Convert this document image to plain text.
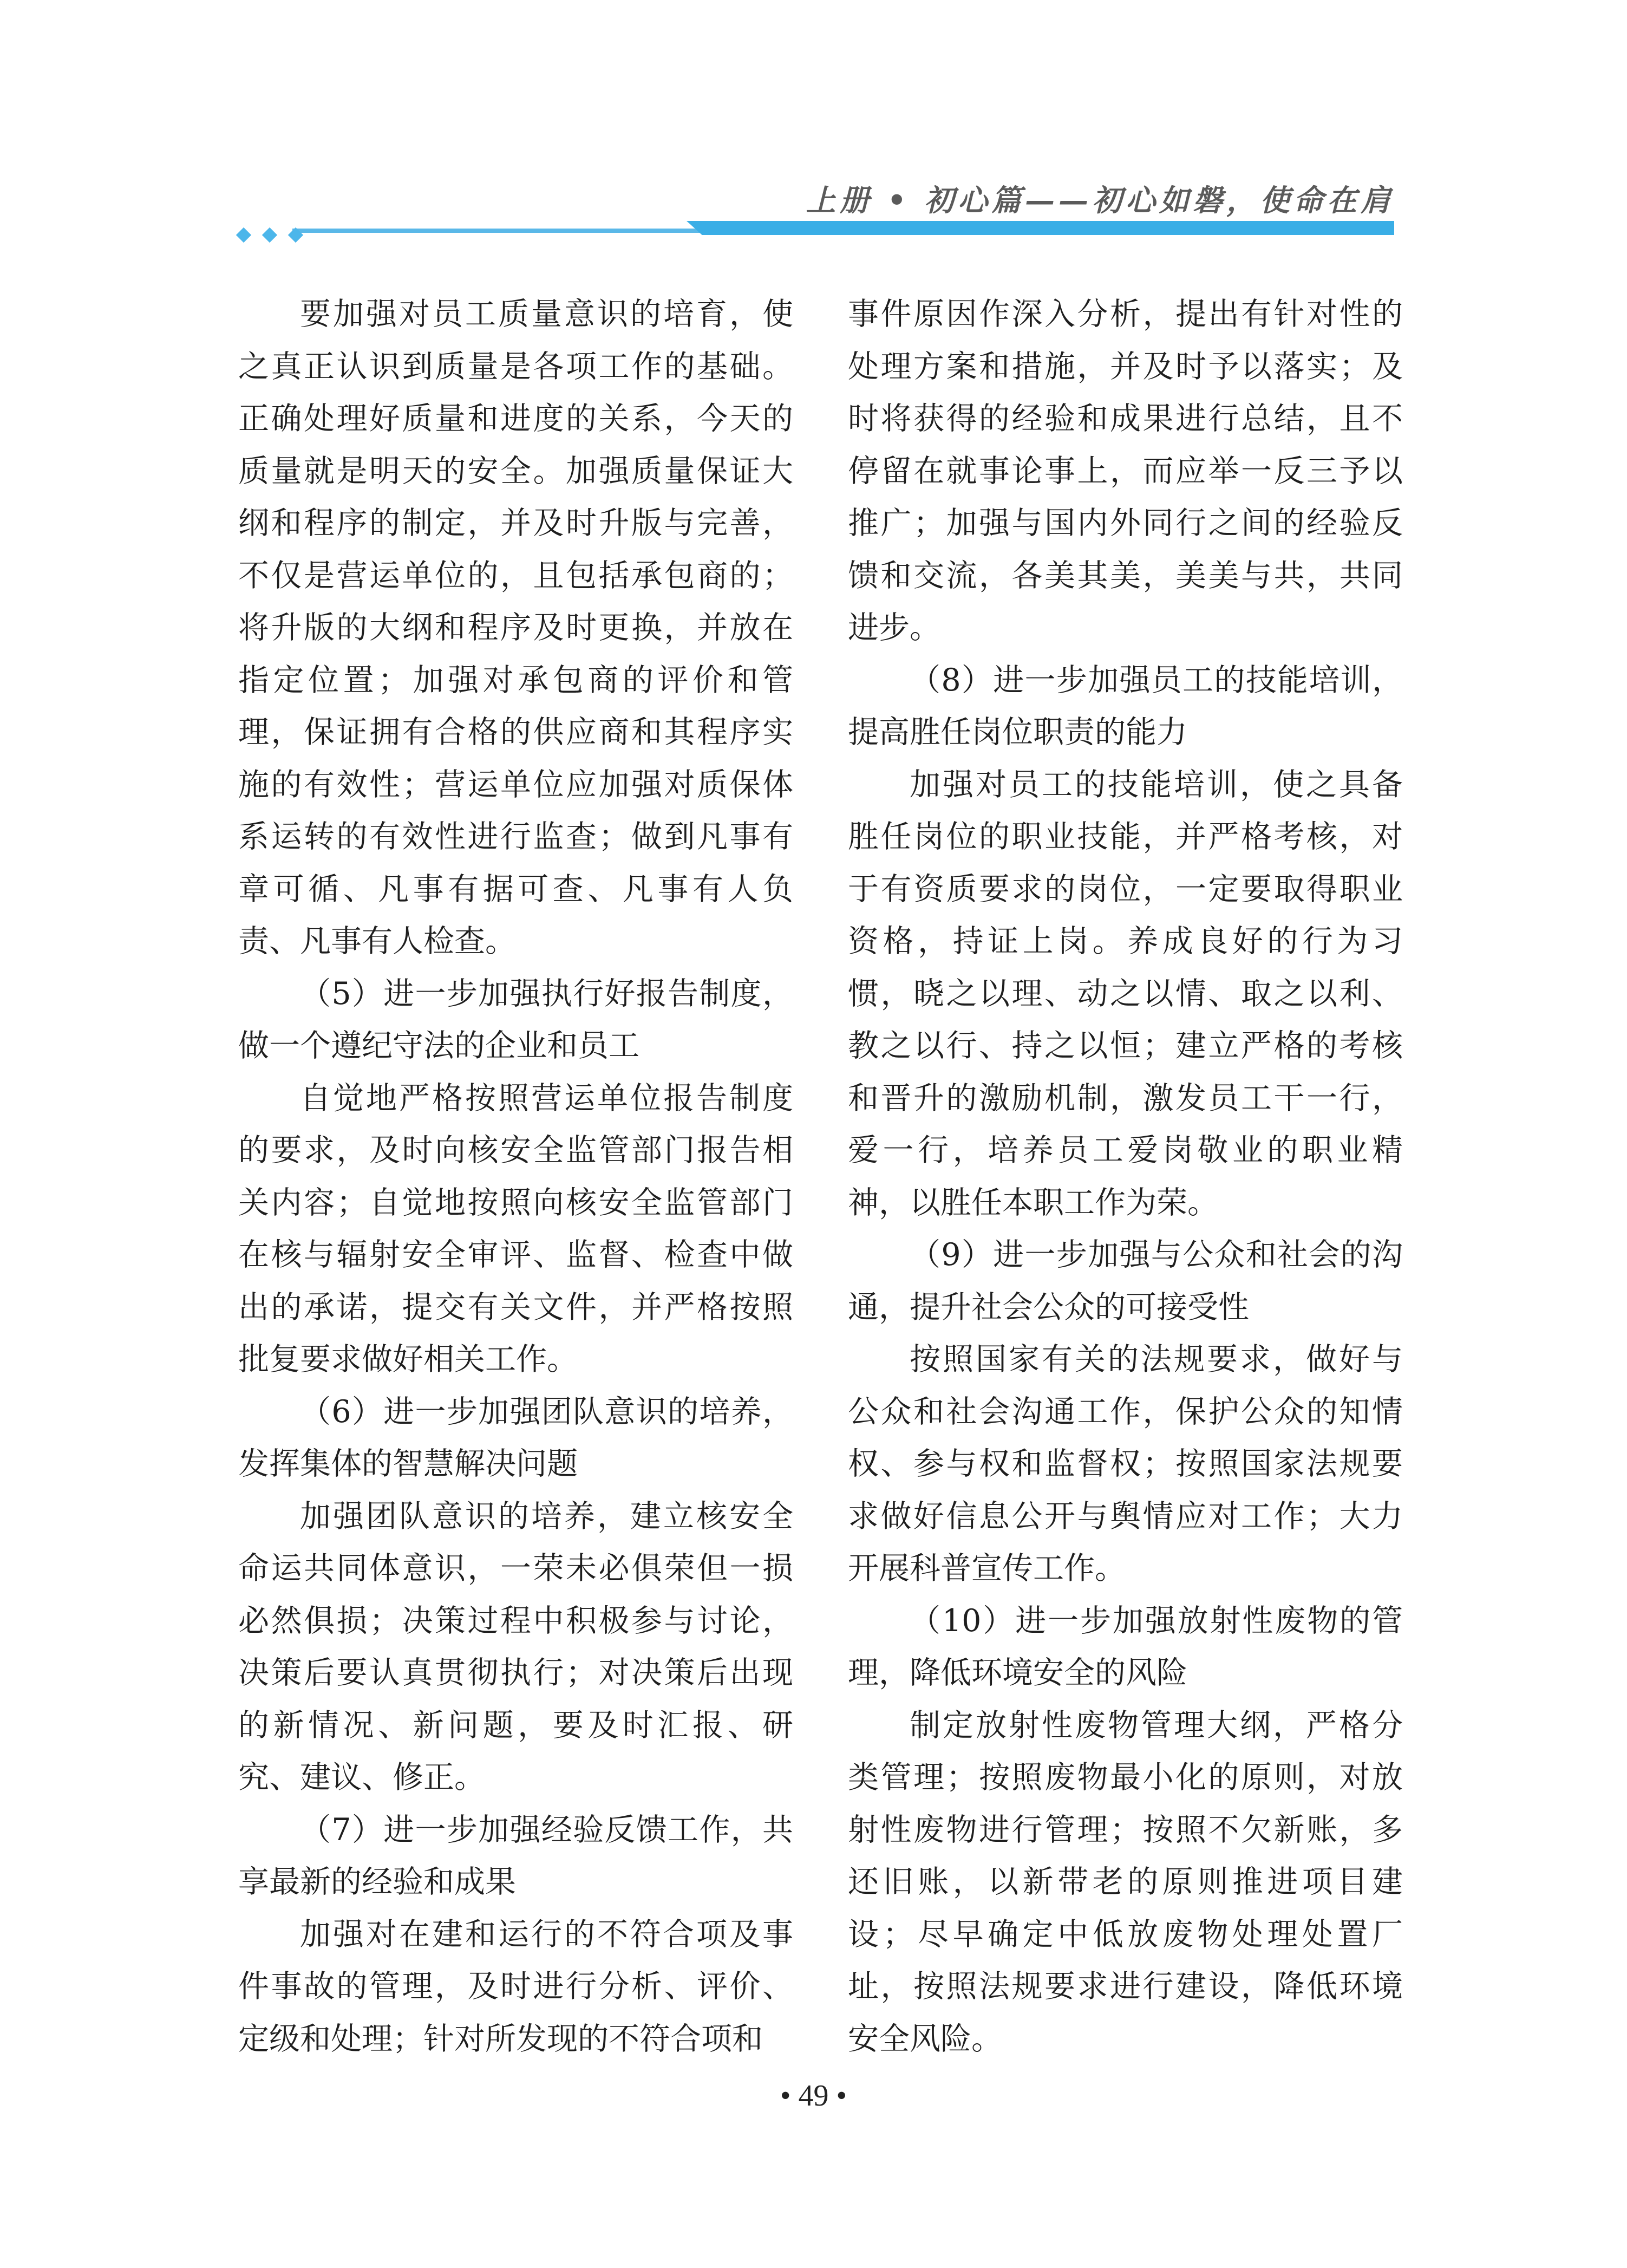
上册 • 初心篇——初心如磐，使命在肩

要加强对员工质量意识的培育，使之真正认识到质量是各项工作的基础。正确处理好质量和进度的关系，今天的质量就是明天的安全。加强质量保证大纲和程序的制定，并及时升版与完善，不仅是营运单位的，且包括承包商的；将升版的大纲和程序及时更换，并放在指定位置；加强对承包商的评价和管理，保证拥有合格的供应商和其程序实施的有效性；营运单位应加强对质保体系运转的有效性进行监查；做到凡事有章可循、凡事有据可查、凡事有人负责、凡事有人检查。

（5）进一步加强执行好报告制度，做一个遵纪守法的企业和员工

自觉地严格按照营运单位报告制度的要求，及时向核安全监管部门报告相关内容；自觉地按照向核安全监管部门在核与辐射安全审评、监督、检查中做出的承诺，提交有关文件，并严格按照批复要求做好相关工作。

（6）进一步加强团队意识的培养，发挥集体的智慧解决问题

加强团队意识的培养，建立核安全命运共同体意识，一荣未必俱荣但一损必然俱损；决策过程中积极参与讨论，决策后要认真贯彻执行；对决策后出现的新情况、新问题，要及时汇报、研究、建议、修正。

（7）进一步加强经验反馈工作，共享最新的经验和成果

加强对在建和运行的不符合项及事件事故的管理，及时进行分析、评价、定级和处理；针对所发现的不符合项和

事件原因作深入分析，提出有针对性的处理方案和措施，并及时予以落实；及时将获得的经验和成果进行总结，且不停留在就事论事上，而应举一反三予以推广；加强与国内外同行之间的经验反馈和交流，各美其美，美美与共，共同进步。

（8）进一步加强员工的技能培训，提高胜任岗位职责的能力

加强对员工的技能培训，使之具备胜任岗位的职业技能，并严格考核，对于有资质要求的岗位，一定要取得职业资格，持证上岗。养成良好的行为习惯，晓之以理、动之以情、取之以利、教之以行、持之以恒；建立严格的考核和晋升的激励机制，激发员工干一行，爱一行，培养员工爱岗敬业的职业精神，以胜任本职工作为荣。

（9）进一步加强与公众和社会的沟通，提升社会公众的可接受性

按照国家有关的法规要求，做好与公众和社会沟通工作，保护公众的知情权、参与权和监督权；按照国家法规要求做好信息公开与舆情应对工作；大力开展科普宣传工作。

（10）进一步加强放射性废物的管理，降低环境安全的风险

制定放射性废物管理大纲，严格分类管理；按照废物最小化的原则，对放射性废物进行管理；按照不欠新账，多还旧账，以新带老的原则推进项目建设；尽早确定中低放废物处理处置厂址，按照法规要求进行建设，降低环境安全风险。

• 49 •
